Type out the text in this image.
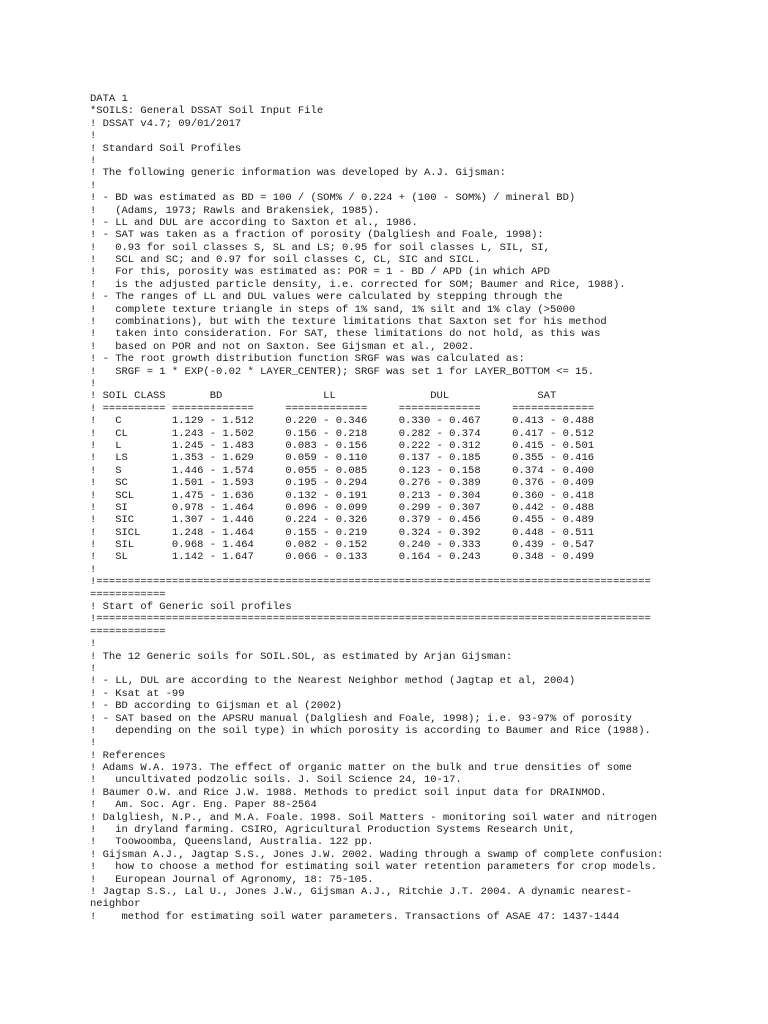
DATA 1
*SOILS: General DSSAT Soil Input File
! DSSAT v4.7; 09/01/2017
!
! Standard Soil Profiles
!
! The following generic information was developed by A.J. Gijsman:
!
! - BD was estimated as BD = 100 / (SOM% / 0.224 + (100 - SOM%) / mineral BD)
!   (Adams, 1973; Rawls and Brakensiek, 1985).
! - LL and DUL are according to Saxton et al., 1986.
! - SAT was taken as a fraction of porosity (Dalgliesh and Foale, 1998):
!   0.93 for soil classes S, SL and LS; 0.95 for soil classes L, SIL, SI,
!   SCL and SC; and 0.97 for soil classes C, CL, SIC and SICL.
!   For this, porosity was estimated as: POR = 1 - BD / APD (in which APD
!   is the adjusted particle density, i.e. corrected for SOM; Baumer and Rice, 1988).
! - The ranges of LL and DUL values were calculated by stepping through the
!   complete texture triangle in steps of 1% sand, 1% silt and 1% clay (>5000
!   combinations), but with the texture limitations that Saxton set for his method
!   taken into consideration. For SAT, these limitations do not hold, as this was
!   based on POR and not on Saxton. See Gijsman et al., 2002.
! - The root growth distribution function SRGF was was calculated as:
!   SRGF = 1 * EXP(-0.02 * LAYER_CENTER); SRGF was set 1 for LAYER_BOTTOM <= 15.
!
! SOIL CLASS       BD                LL               DUL              SAT
! ========== =============     =============     =============     =============
!   C        1.129 - 1.512     0.220 - 0.346     0.330 - 0.467     0.413 - 0.488
!   CL       1.243 - 1.502     0.156 - 0.218     0.282 - 0.374     0.417 - 0.512
!   L        1.245 - 1.483     0.083 - 0.156     0.222 - 0.312     0.415 - 0.501
!   LS       1.353 - 1.629     0.059 - 0.110     0.137 - 0.185     0.355 - 0.416
!   S        1.446 - 1.574     0.055 - 0.085     0.123 - 0.158     0.374 - 0.400
!   SC       1.501 - 1.593     0.195 - 0.294     0.276 - 0.389     0.376 - 0.409
!   SCL      1.475 - 1.636     0.132 - 0.191     0.213 - 0.304     0.360 - 0.418
!   SI       0.978 - 1.464     0.096 - 0.099     0.299 - 0.307     0.442 - 0.488
!   SIC      1.307 - 1.446     0.224 - 0.326     0.379 - 0.456     0.455 - 0.489
!   SICL     1.248 - 1.464     0.155 - 0.219     0.324 - 0.392     0.448 - 0.511
!   SIL      0.968 - 1.464     0.082 - 0.152     0.240 - 0.333     0.439 - 0.547
!   SL       1.142 - 1.647     0.066 - 0.133     0.164 - 0.243     0.348 - 0.499
!
!========================================================================================
============
! Start of Generic soil profiles
!========================================================================================
============
!
! The 12 Generic soils for SOIL.SOL, as estimated by Arjan Gijsman:
!
! - LL, DUL are according to the Nearest Neighbor method (Jagtap et al, 2004)
! - Ksat at -99
! - BD according to Gijsman et al (2002)
! - SAT based on the APSRU manual (Dalgliesh and Foale, 1998); i.e. 93-97% of porosity
!   depending on the soil type) in which porosity is according to Baumer and Rice (1988).
!
! References
! Adams W.A. 1973. The effect of organic matter on the bulk and true densities of some
!   uncultivated podzolic soils. J. Soil Science 24, 10-17.
! Baumer O.W. and Rice J.W. 1988. Methods to predict soil input data for DRAINMOD.
!   Am. Soc. Agr. Eng. Paper 88-2564
! Dalgliesh, N.P., and M.A. Foale. 1998. Soil Matters - monitoring soil water and nitrogen
!   in dryland farming. CSIRO, Agricultural Production Systems Research Unit,
!   Toowoomba, Queensland, Australia. 122 pp.
! Gijsman A.J., Jagtap S.S., Jones J.W. 2002. Wading through a swamp of complete confusion:
!   how to choose a method for estimating soil water retention parameters for crop models.
!   European Journal of Agronomy, 18: 75-105.
! Jagtap S.S., Lal U., Jones J.W., Gijsman A.J., Ritchie J.T. 2004. A dynamic nearest-
neighbor
!    method for estimating soil water parameters. Transactions of ASAE 47: 1437-1444
